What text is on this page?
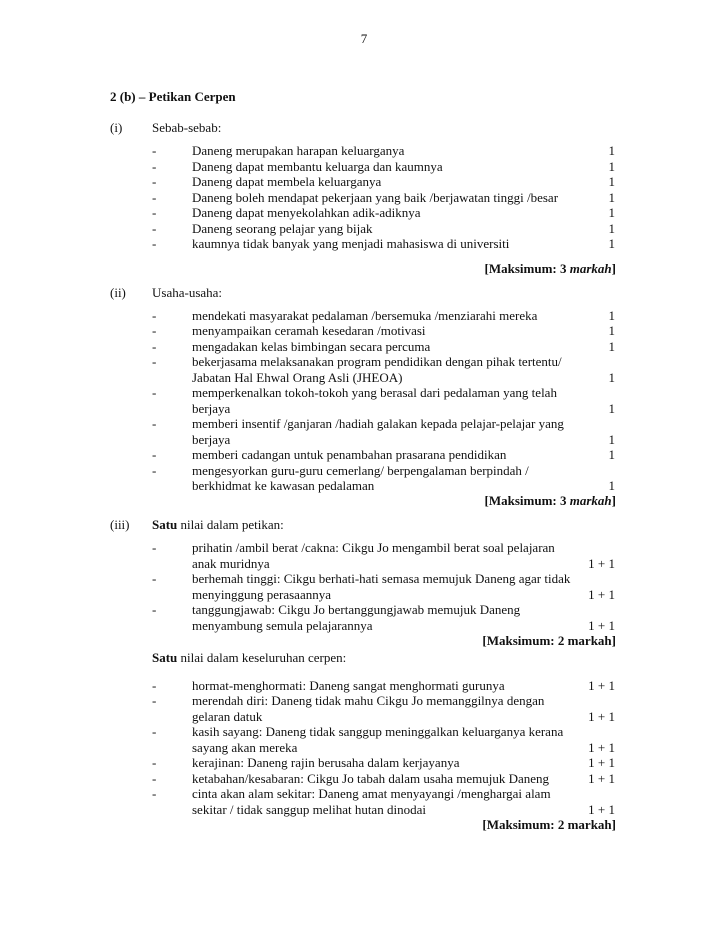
7
2 (b) – Petikan Cerpen
(i) Sebab-sebab:
-	Daneng merupakan harapan keluarganya	1
-	Daneng dapat membantu keluarga dan kaumnya	1
-	Daneng dapat membela keluarganya	1
-	Daneng boleh mendapat pekerjaan yang baik /berjawatan tinggi /besar	1
-	Daneng dapat menyekolahkan adik-adiknya	1
-	Daneng seorang pelajar yang bijak	1
-	kaumnya tidak banyak yang menjadi mahasiswa di universiti	1
[Maksimum: 3 markah]
(ii) Usaha-usaha:
-	mendekati masyarakat pedalaman /bersemuka /menziarahi mereka	1
-	menyampaikan ceramah kesedaran /motivasi	1
-	mengadakan kelas bimbingan secara percuma	1
-	bekerjasama melaksanakan program pendidikan dengan pihak tertentu/
Jabatan Hal Ehwal Orang Asli (JHEOA)	1
-	memperkenalkan tokoh-tokoh yang berasal dari pedalaman yang telah
berjaya	1
-	memberi insentif /ganjaran /hadiah galakan kepada pelajar-pelajar yang
berjaya	1
-	memberi cadangan untuk penambahan prasarana pendidikan	1
-	mengesyorkan guru-guru cemerlang/ berpengalaman berpindah /
berkhidmat ke kawasan pedalaman	1
[Maksimum: 3 markah]
(iii) Satu nilai dalam petikan:
-	prihatin /ambil berat /cakna: Cikgu Jo mengambil berat soal pelajaran
anak muridnya	1 + 1
-	berhemah tinggi: Cikgu berhati-hati semasa memujuk Daneng agar tidak
menyinggung perasaannya	1 + 1
-	tanggungjawab: Cikgu Jo bertanggungjawab memujuk Daneng
menyambung semula pelajarannya	1 + 1
[Maksimum: 2 markah]
Satu nilai dalam keseluruhan cerpen:
-	hormat-menghormati: Daneng sangat menghormati gurunya	1 + 1
-	merendah diri: Daneng tidak mahu Cikgu Jo memanggilnya dengan
gelaran datuk	1 + 1
-	kasih sayang: Daneng tidak sanggup meninggalkan keluarganya kerana
sayang akan mereka	1 + 1
-	kerajinan: Daneng rajin berusaha dalam kerjayanya	1 + 1
-	ketabahan/kesabaran: Cikgu Jo tabah dalam usaha memujuk Daneng	1 + 1
-	cinta akan alam sekitar: Daneng amat menyayangi /menghargai alam
sekitar / tidak sanggup melihat hutan dinodai	1 + 1
[Maksimum: 2 markah]
